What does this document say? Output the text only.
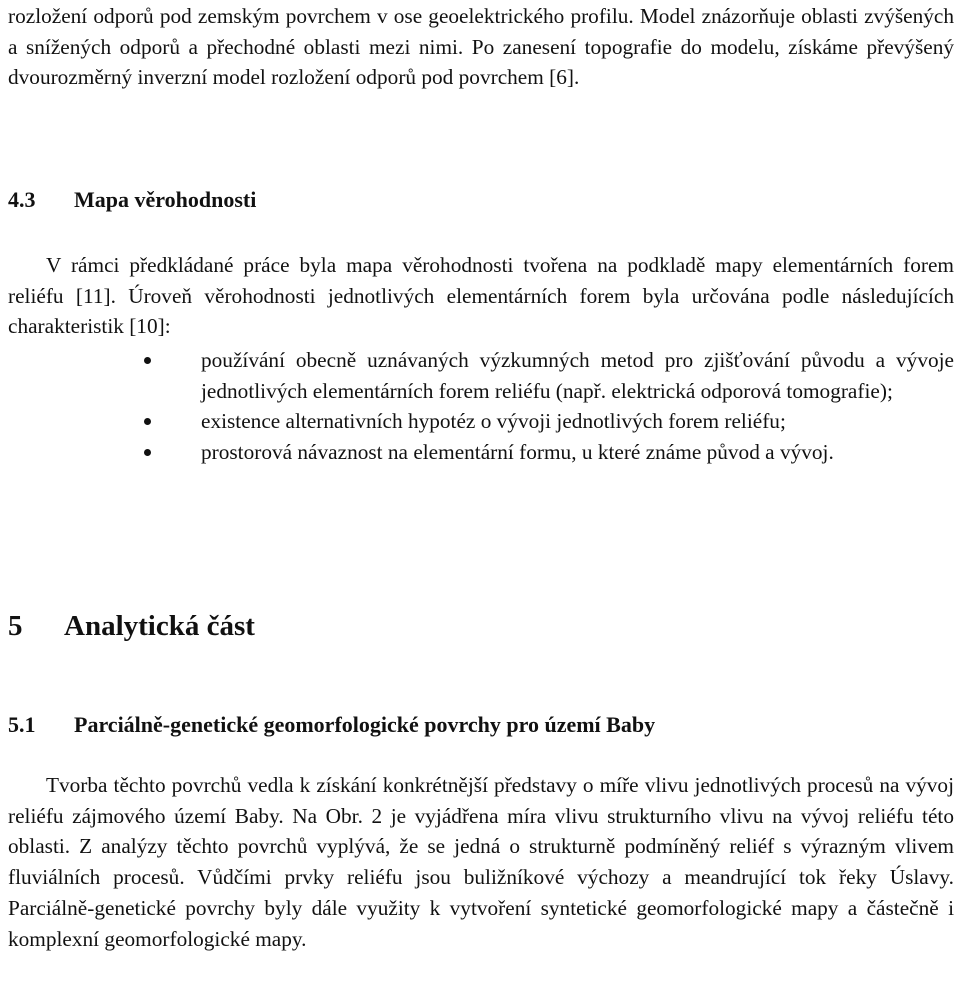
rozložení odporů pod zemským povrchem v ose geoelektrického profilu. Model znázorňuje oblasti zvýšených a snížených odporů a přechodné oblasti mezi nimi. Po zanesení topografie do modelu, získáme převýšený dvourozměrný inverzní model rozložení odporů pod povrchem [6].

4.3 Mapa věrohodnosti

V rámci předkládané práce byla mapa věrohodnosti tvořena na podkladě mapy elementárních forem reliéfu [11]. Úroveň věrohodnosti jednotlivých elementárních forem byla určována podle následujících charakteristik [10]:

používání obecně uznávaných výzkumných metod pro zjišťování původu a vývoje jednotlivých elementárních forem reliéfu (např. elektrická odporová tomografie);
existence alternativních hypotéz o vývoji jednotlivých forem reliéfu;
prostorová návaznost na elementární formu, u které známe původ a vývoj.
5 Analytická část
5.1 Parciálně-genetické geomorfologické povrchy pro území Baby

Tvorba těchto povrchů vedla k získání konkrétnější představy o míře vlivu jednotlivých procesů na vývoj reliéfu zájmového území Baby. Na Obr. 2 je vyjádřena míra vlivu strukturního vlivu na vývoj reliéfu této oblasti. Z analýzy těchto povrchů vyplývá, že se jedná o strukturně podmíněný reliéf s výrazným vlivem fluviálních procesů. Vůdčími prvky reliéfu jsou buližníkové výchozy a meandrující tok řeky Úslavy. Parciálně-genetické povrchy byly dále využity k vytvoření syntetické geomorfologické mapy a částečně i komplexní geomorfologické mapy.
